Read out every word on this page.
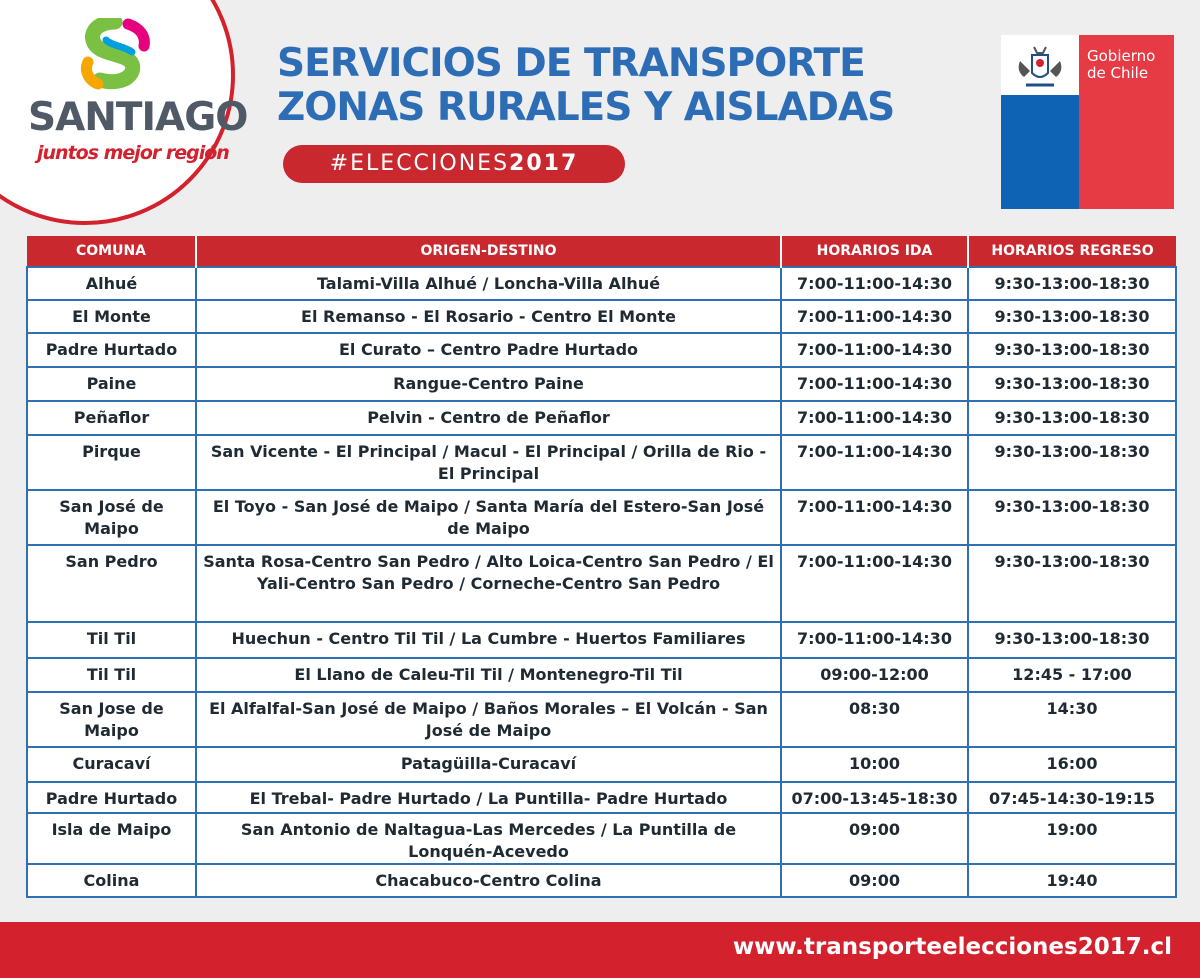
SANTIAGO
juntos mejor región
SERVICIOS DE TRANSPORTE
ZONAS RURALES Y AISLADAS
#ELECCIONES2017
Gobierno
de Chile
COMUNA	ORIGEN-DESTINO	HORARIOS IDA	HORARIOS REGRESO
Alhué	Talami-Villa Alhué / Loncha-Villa Alhué	7:00-11:00-14:30	9:30-13:00-18:30
El Monte	El Remanso - El Rosario - Centro El Monte	7:00-11:00-14:30	9:30-13:00-18:30
Padre Hurtado	El Curato – Centro Padre Hurtado	7:00-11:00-14:30	9:30-13:00-18:30
Paine	Rangue-Centro Paine	7:00-11:00-14:30	9:30-13:00-18:30
Peñaflor	Pelvin - Centro de Peñaflor	7:00-11:00-14:30	9:30-13:00-18:30
Pirque	San Vicente - El Principal / Macul - El Principal / Orilla de Rio - El Principal	7:00-11:00-14:30	9:30-13:00-18:30
San José de Maipo	El Toyo - San José de Maipo / Santa María del Estero-San José de Maipo	7:00-11:00-14:30	9:30-13:00-18:30
San Pedro	Santa Rosa-Centro San Pedro / Alto Loica-Centro San Pedro / El Yali-Centro San Pedro / Corneche-Centro San Pedro	7:00-11:00-14:30	9:30-13:00-18:30
Til Til	Huechun - Centro Til Til / La Cumbre - Huertos Familiares	7:00-11:00-14:30	9:30-13:00-18:30
Til Til	El Llano de Caleu-Til Til / Montenegro-Til Til	09:00-12:00	12:45 - 17:00
San Jose de Maipo	El Alfalfal-San José de Maipo / Baños Morales – El Volcán - San José de Maipo	08:30	14:30
Curacaví	Patagüilla-Curacaví	10:00	16:00
Padre Hurtado	El Trebal- Padre Hurtado / La Puntilla- Padre Hurtado	07:00-13:45-18:30	07:45-14:30-19:15
Isla de Maipo	San Antonio de Naltagua-Las Mercedes / La Puntilla de Lonquén-Acevedo	09:00	19:00
Colina	Chacabuco-Centro Colina	09:00	19:40
www.transporteelecciones2017.cl
